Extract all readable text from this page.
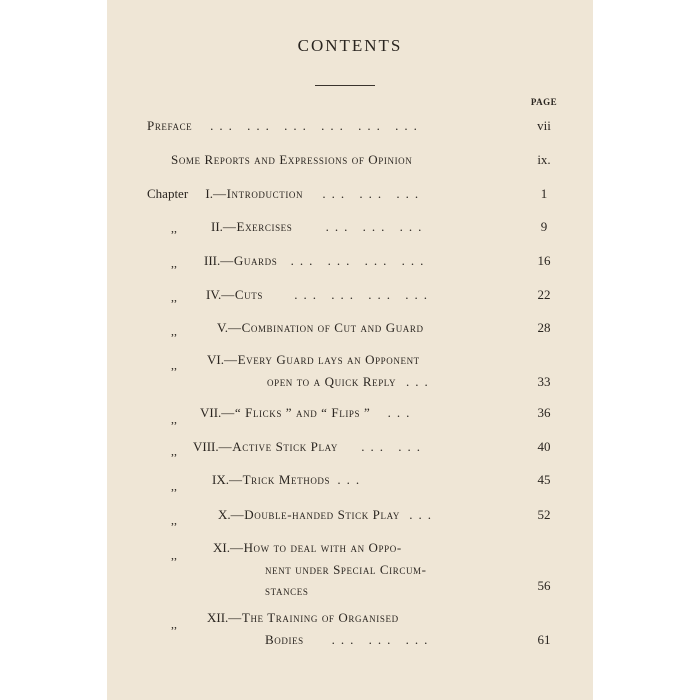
CONTENTS
PAGE
Preface ... ... ... ... ... ...	vii
Some Reports and Expressions of Opinion	ix.
Chapter I.—Introduction ... ... ...	1
,,	II.—Exercises	... ... ...	9
,, III.—Guards ... ... ... ...	16
,, IV.—Cuts ... ... ... ...	22
,,	V.—Combination of Cut and Guard	28
,, VI.—Every Guard lays an Opponent
open to a Quick Reply ...	33
,, VII.—“ Flicks ” and “ Flips ” ...	36
,, VIII.—Active Stick Play ... ...	40
,,	IX.—Trick Methods ...	45
,,	X.—Double-handed Stick Play ...	52
,,	XI.—How to deal with an Oppo-
nent under Special Circum-
stances	56
,, XII.—The Training of Organised
Bodies ... ... ...	61
